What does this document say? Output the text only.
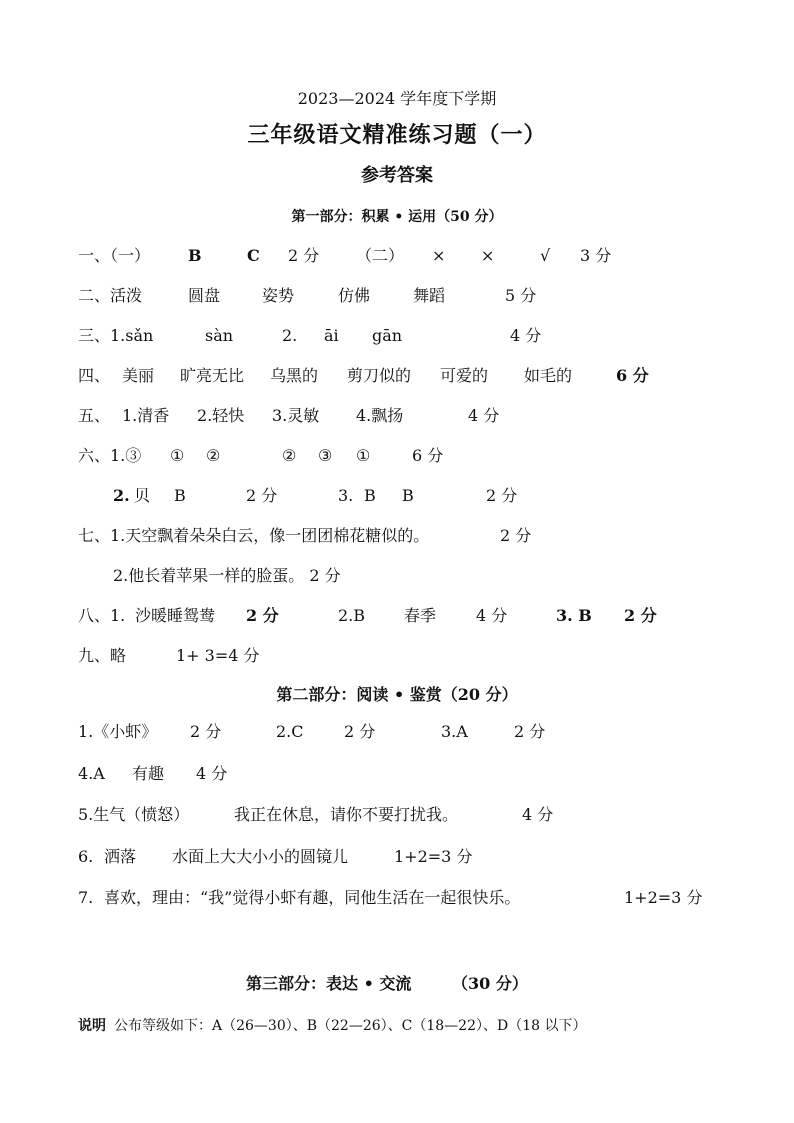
2023—2024 学年度下学期
三年级语文精准练习题（一）
参考答案
第一部分：积累 • 运用（50 分）
一、（一） B	C 2 分 （二） × ×	√ 3 分
二、活泼	圆盘	姿势	仿佛	舞蹈	5 分
三、1.sǎn	sàn	2. āi gān	4 分
四、 美丽 旷亮无比 乌黑的 剪刀似的 可爱的 如毛的	6 分
五、 1.清香 2.轻快 3.灵敏 4.飘扬	4 分
六、1.③ ① ②	② ③ ①	6 分
2. 贝 B	2 分	3. B B	2 分
七、1.天空飘着朵朵白云，像一团团棉花糖似的。	2 分
2.他长着苹果一样的脸蛋。 2 分
八、1. 沙暖睡鸳鸯 2 分	2.B 春季 4 分	3. B 2 分
九、略	1+ 3=4 分
第二部分：阅读 • 鉴赏（20 分）
1.《小虾》 2 分	2.C	2 分	3.A	2 分
4.A 有趣 4 分
5.生气（愤怒）	我正在休息，请你不要打扰我。	4 分
6. 洒落 水面上大大小小的圆镜儿	1+2=3 分
7. 喜欢，理由：“我”觉得小虾有趣，同他生活在一起很快乐。	1+2=3 分
第三部分：表达 • 交流	（30 分）
说明 公布等级如下：A（26—30）、B（22—26）、C（18—22）、D（18 以下）
